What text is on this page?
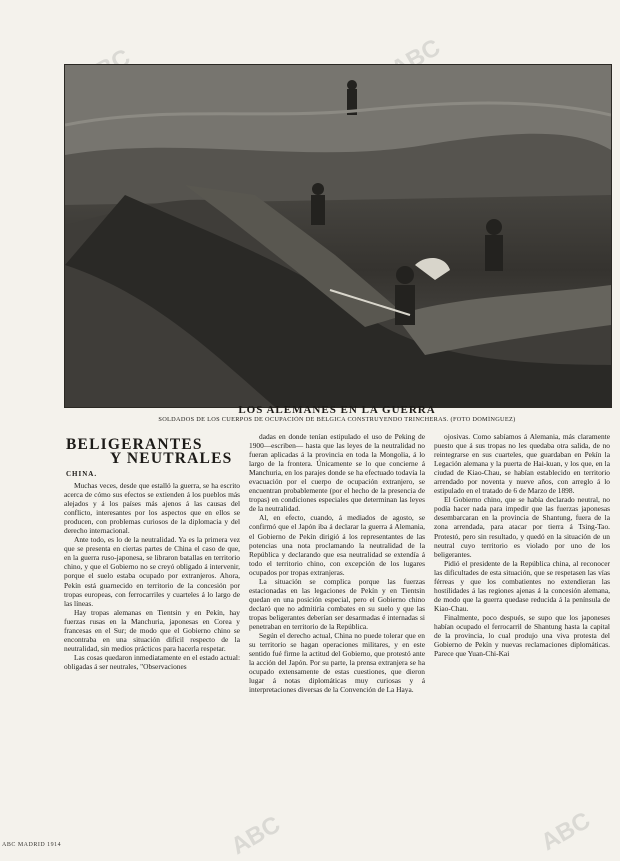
ABC
ABC	ABC

LOS ALEMANES EN LA GUERRA

SOLDADOS DE LOS CUERPOS DE OCUPACIÓN DE BÉLGICA CONSTRUYENDO TRINCHERAS. (FOTO DOMÍNGUEZ)

BELIGERANTES
Y NEUTRALES

CHINA.

Muchas veces, desde que estalló la guerra, se ha escrito acerca de cómo sus efectos se extienden á los pueblos más alejados y á los países más ajenos á las causas del conflicto, interesantes por los aspectos que en ellos se producen, con problemas curiosos de la diplomacia y del derecho internacional.

Ante todo, es lo de la neutralidad. Ya es la primera vez que se presenta en ciertas partes de China el caso de que, en la guerra ruso-japonesa, se libraron batallas en territorio chino, y que el Gobierno no se creyó obligado á intervenir, porque el suelo estaba ocupado por extranjeros. Ahora, Pekín está guarnecido en territorio de la concesión por tropas europeas, con ferrocarriles y cuarteles á lo largo de las líneas.

Hay tropas alemanas en Tientsin y en Pekín, hay fuerzas rusas en la Manchuria, japonesas en Corea y francesas en el Sur; de modo que el Gobierno chino se encontraba en una situación difícil respecto de la neutralidad, sin medios prácticos para hacerla respetar.

Las cosas quedaron inmediatamente en el estado actual: obligadas á ser neutrales, "Observaciones

dadas en donde tenían estipulado el uso de Peking de 1900—escriben— hasta que las leyes de la neutralidad no fueran aplicadas á la provincia en toda la Mongolia, á lo largo de la frontera. Únicamente se lo que concierne á Manchuria, en los parajes donde se ha efectuado todavía la evacuación por el cuerpo de ocupación extranjero, se encuentran probablemente (por el hecho de la presencia de tropas) en condiciones especiales que determinan las leyes de la neutralidad.

Al, en efecto, cuando, á mediados de agosto, se confirmó que el Japón iba á declarar la guerra á Alemania, el Gobierno de Pekín dirigió á los representantes de las potencias una nota proclamando la neutralidad de la República y declarando que esa neutralidad se extendía á todo el territorio chino, con excepción de los lugares ocupados por tropas extranjeras.

La situación se complica porque las fuerzas estacionadas en las legaciones de Pekín y en Tientsin quedan en una posición especial, pero el Gobierno chino declaró que no admitiría combates en su suelo y que las tropas beligerantes deberían ser desarmadas é internadas si penetraban en territorio de la República.

Según el derecho actual, China no puede tolerar que en su territorio se hagan operaciones militares, y en este sentido fué firme la actitud del Gobierno, que protestó ante la acción del Japón. Por su parte, la prensa extranjera se ha ocupado extensamente de estas cuestiones, que dieron lugar á notas diplomáticas muy curiosas y á interpretaciones diversas de la Convención de La Haya.

ojosivas. Como sabíamos á Alemania, más claramente puesto que á sus tropas no les quedaba otra salida, de no reintegrarse en sus cuarteles, que guardaban en Pekín la Legación alemana y la puerta de Hai-kuan, y los que, en la ciudad de Kiao-Chau, se habían establecido en territorio arrendado por noventa y nueve años, con arreglo á lo estipulado en el tratado de 6 de Marzo de 1898.

El Gobierno chino, que se había declarado neutral, no podía hacer nada para impedir que las fuerzas japonesas desembarcaran en la provincia de Shantung, fuera de la zona arrendada, para atacar por tierra á Tsing-Tao. Protestó, pero sin resultado, y quedó en la situación de un neutral cuyo territorio es violado por uno de los beligerantes.

Pidió el presidente de la República china, al reconocer las dificultades de esta situación, que se respetasen las vías férreas y que los combatientes no extendieran las hostilidades á las regiones ajenas á la concesión alemana, de modo que la guerra quedase reducida á la península de Kiao-Chau.

Finalmente, poco después, se supo que los japoneses habían ocupado el ferrocarril de Shantung hasta la capital de la provincia, lo cual produjo una viva protesta del Gobierno de Pekín y nuevas reclamaciones diplomáticas. Parece que Yuan-Chi-Kai

ABC MADRID 1914
